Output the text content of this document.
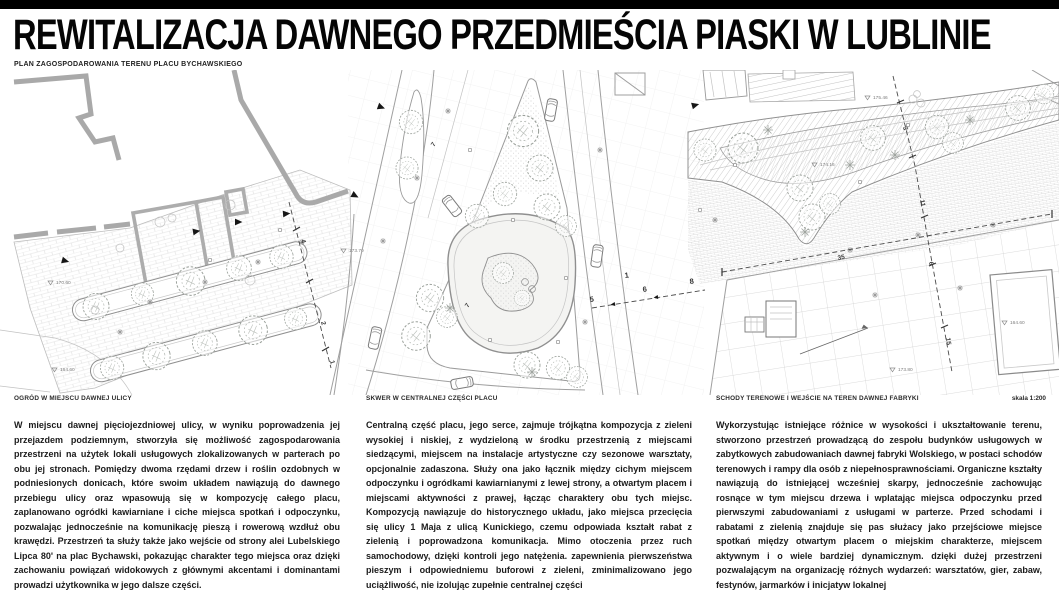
REWITALIZACJA DAWNEGO PRZEDMIEŚCIA PIASKI W LUBLINIE
PLAN ZAGOSPODAROWANIA TERENU PLACU BYCHAWSKIEGO
4
2
1
170.60
164.60
173.70
1
5
6
8
7
7
3
11
6
15
35
175.46
174.16
164.60
173.80
OGRÓD W MIEJSCU DAWNEJ ULICY	SKWER W CENTRALNEJ CZĘŚCI PLACU	SCHODY TERENOWE I WEJŚCIE NA TEREN DAWNEJ FABRYKI	skala 1:200
W miejscu dawnej pięciojezdniowej ulicy, w wyniku poprowadzenia jej przejazdem podziemnym, stworzyła się możliwość zagospodarowania przestrzeni na użytek lokali usługowych zlokalizowanych w parterach po obu jej stronach. Pomiędzy dwoma rzędami drzew i roślin ozdobnych w podniesionych donicach, które swoim układem nawiązują do dawnego przebiegu ulicy oraz wpasowują się w kompozycję całego placu, zaplanowano ogródki kawiarniane i ciche miejsca spotkań i odpoczynku, pozwalając jednocześnie na komunikację pieszą i rowerową wzdłuż obu krawędzi. Przestrzeń ta służy także jako wejście od strony alei Lubelskiego Lipca 80' na plac Bychawski, pokazując charakter tego miejsca oraz dzięki zachowaniu powiązań widokowych z głównymi akcentami i dominantami prowadzi użytkownika w jego dalsze części.
Centralną część placu, jego serce, zajmuje trójkątna kompozycja z zieleni wysokiej i niskiej, z wydzieloną w środku przestrzenią z miejscami siedzącymi, miejscem na instalacje artystyczne czy sezonowe warsztaty, opcjonalnie zadaszona. Służy ona jako łącznik między cichym miejscem odpoczynku i ogródkami kawiarnianymi z lewej strony, a otwartym placem i miejscami aktywności z prawej, łącząc charaktery obu tych miejsc. Kompozycją nawiązuje do historycznego układu, jako miejsca przecięcia się ulicy 1 Maja z ulicą Kunickiego, czemu odpowiada kształt rabat z zielenią i poprowadzona komunikacja. Mimo otoczenia przez ruch samochodowy, dzięki kontroli jego natężenia. zapewnienia pierwszeństwa pieszym i odpowiedniemu buforowi z zieleni, zminimalizowano jego uciążliwość, nie izolując zupełnie centralnej części
Wykorzystując istniejące różnice w wysokości i ukształtowanie terenu, stworzono przestrzeń prowadzącą do zespołu budynków usługowych w zabytkowych zabudowaniach dawnej fabryki Wolskiego, w postaci schodów terenowych i rampy dla osób z niepełnosprawnościami. Organiczne kształty nawiązują do istniejącej wcześniej skarpy, jednocześnie zachowując rosnące w tym miejscu drzewa i wplatając miejsca odpoczynku przed pierwszymi zabudowaniami z usługami w parterze. Przed schodami i rabatami z zielenią znajduje się pas służacy jako przejściowe miejsce spotkań między otwartym placem o miejskim charakterze, miejscem aktywnym i o wiele bardziej dynamicznym. dzięki dużej przestrzeni pozwalającym na organizację różnych wydarzeń: warsztatów, gier, zabaw, festynów, jarmarków i inicjatyw lokalnej
